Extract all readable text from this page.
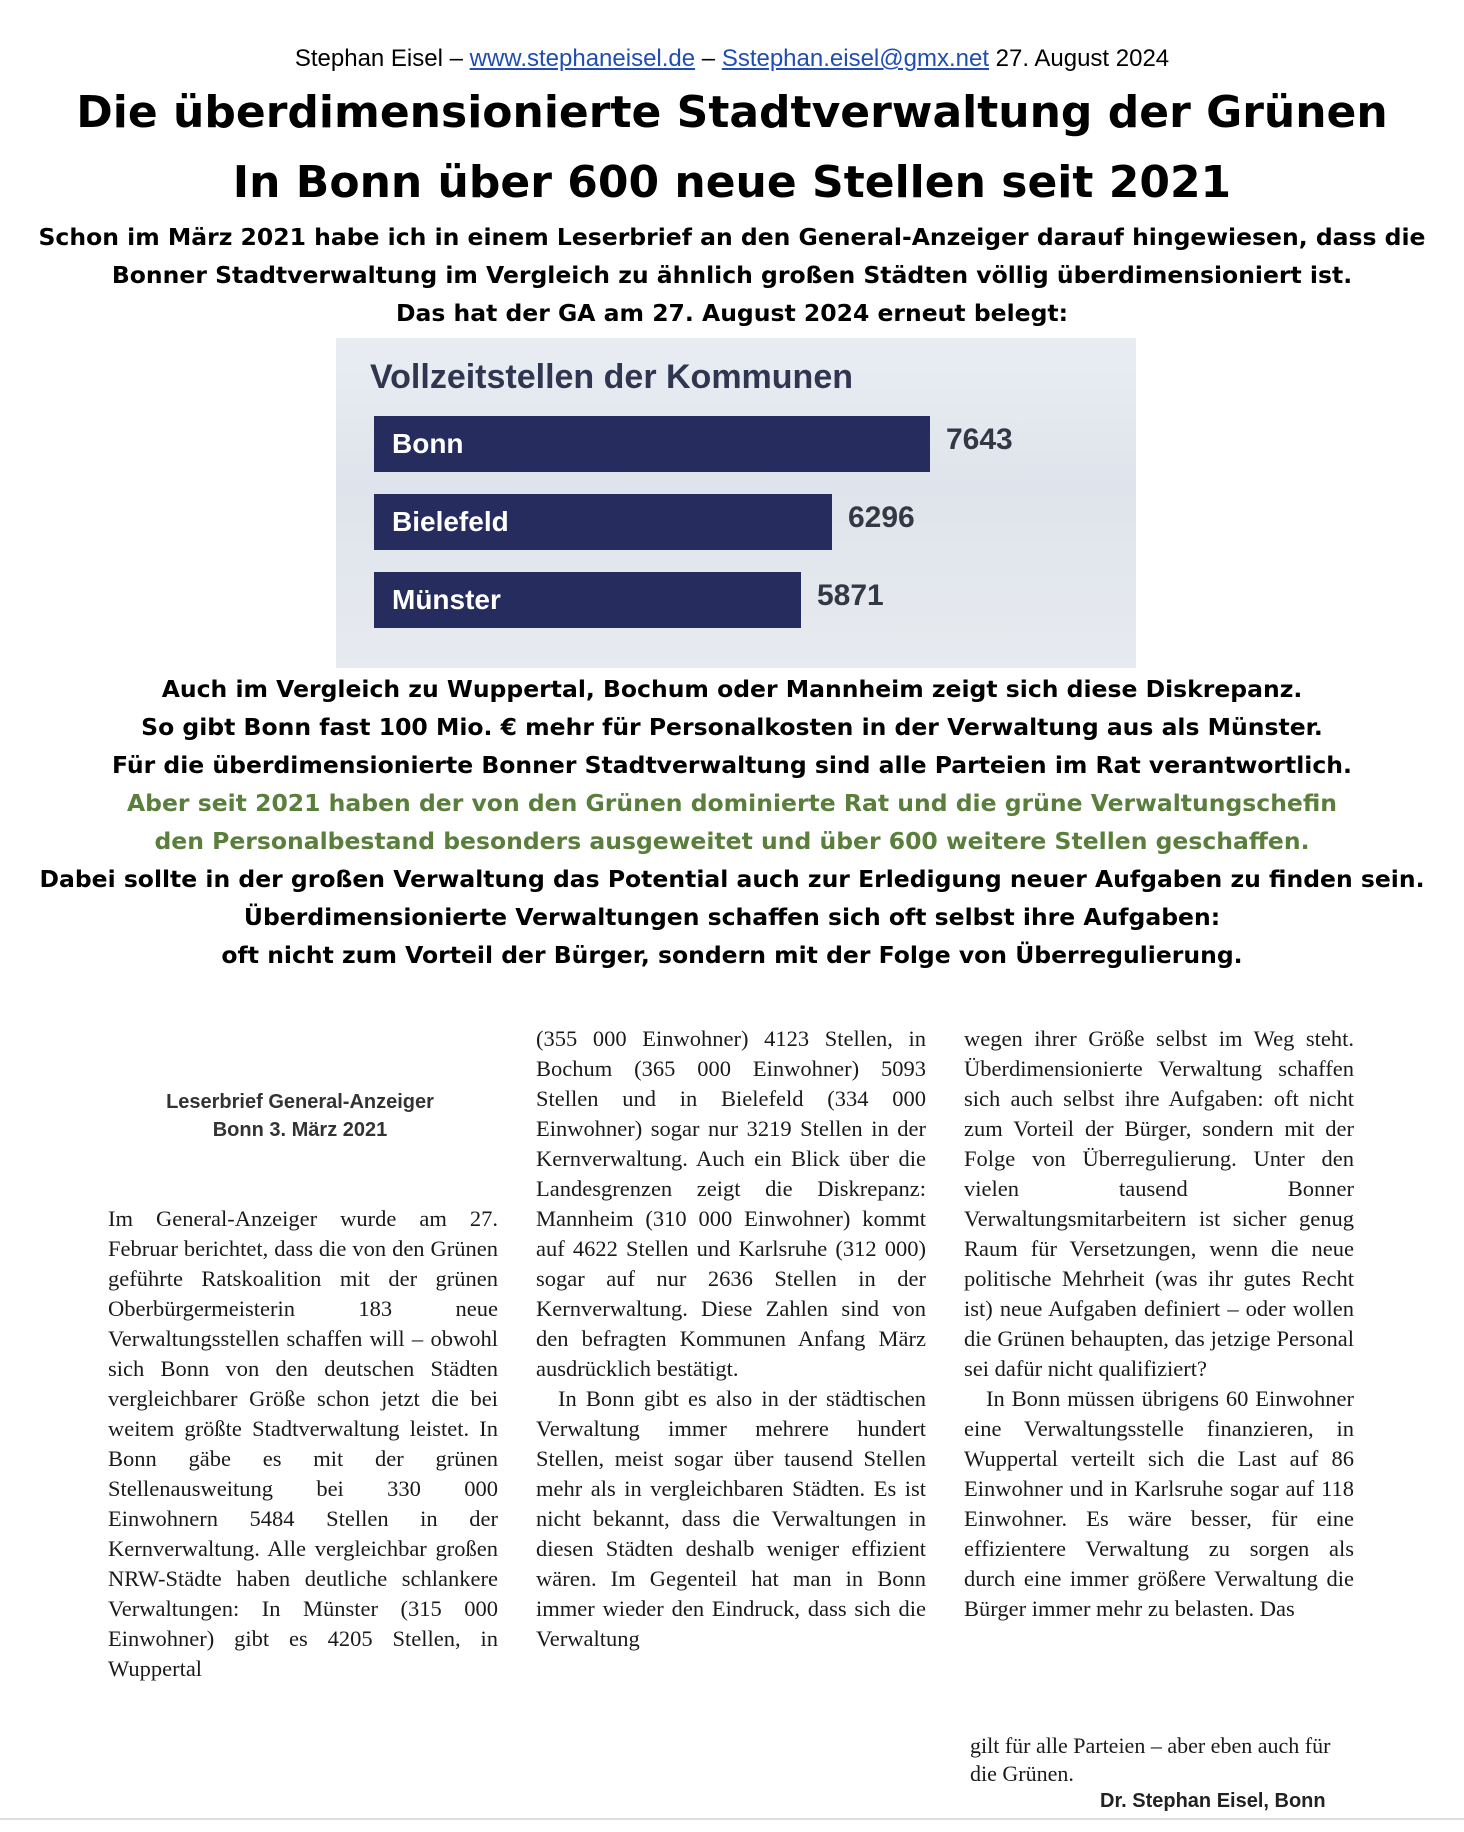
Stephan Eisel – www.stephaneisel.de – Sstephan.eisel@gmx.net 27. August 2024
Die überdimensionierte Stadtverwaltung der Grünen
In Bonn über 600 neue Stellen seit 2021
Schon im März 2021 habe ich in einem Leserbrief an den General-Anzeiger darauf hingewiesen, dass die
Bonner Stadtverwaltung im Vergleich zu ähnlich großen Städten völlig überdimensioniert ist.
Das hat der GA am 27. August 2024 erneut belegt:
Vollzeitstellen der Kommunen
Bonn	7643
Bielefeld	6296
Münster	5871
Auch im Vergleich zu Wuppertal, Bochum oder Mannheim zeigt sich diese Diskrepanz.
So gibt Bonn fast 100 Mio. € mehr für Personalkosten in der Verwaltung aus als Münster.
Für die überdimensionierte Bonner Stadtverwaltung sind alle Parteien im Rat verantwortlich.
Aber seit 2021 haben der von den Grünen dominierte Rat und die grüne Verwaltungschefin
den Personalbestand besonders ausgeweitet und über 600 weitere Stellen geschaffen.
Dabei sollte in der großen Verwaltung das Potential auch zur Erledigung neuer Aufgaben zu finden sein.
Überdimensionierte Verwaltungen schaffen sich oft selbst ihre Aufgaben:
oft nicht zum Vorteil der Bürger, sondern mit der Folge von Überregulierung.
Leserbrief General-Anzeiger
Bonn 3. März 2021

Im General-Anzeiger wurde am 27. Februar berichtet, dass die von den Grünen geführte Ratskoalition mit der grünen Oberbürgermeisterin 183 neue Verwaltungsstellen schaffen will – obwohl sich Bonn von den deutschen Städten vergleichbarer Größe schon jetzt die bei weitem größte Stadtverwaltung leistet. In Bonn gäbe es mit der grünen Stellenausweitung bei 330 000 Einwohnern 5484 Stellen in der Kernverwaltung. Alle vergleichbar großen NRW-Städte haben deutliche schlankere Verwaltungen: In Münster (315 000 Einwohner) gibt es 4205 Stellen, in Wuppertal

(355 000 Einwohner) 4123 Stellen, in Bochum (365 000 Einwohner) 5093 Stellen und in Bielefeld (334 000 Einwohner) sogar nur 3219 Stellen in der Kernverwaltung. Auch ein Blick über die Landesgrenzen zeigt die Diskrepanz: Mannheim (310 000 Einwohner) kommt auf 4622 Stellen und Karlsruhe (312 000) sogar auf nur 2636 Stellen in der Kernverwaltung. Diese Zahlen sind von den befragten Kommunen Anfang März ausdrücklich bestätigt.

In Bonn gibt es also in der städtischen Verwaltung immer mehrere hundert Stellen, meist sogar über tausend Stellen mehr als in vergleichbaren Städten. Es ist nicht bekannt, dass die Verwaltungen in diesen Städten deshalb weniger effizient wären. Im Gegenteil hat man in Bonn immer wieder den Eindruck, dass sich die Verwaltung

wegen ihrer Größe selbst im Weg steht. Überdimensionierte Verwaltung schaffen sich auch selbst ihre Aufgaben: oft nicht zum Vorteil der Bürger, sondern mit der Folge von Überregulierung. Unter den vielen tausend Bonner Verwaltungsmitarbeitern ist sicher genug Raum für Versetzungen, wenn die neue politische Mehrheit (was ihr gutes Recht ist) neue Aufgaben definiert – oder wollen die Grünen behaupten, das jetzige Personal sei dafür nicht qualifiziert?

In Bonn müssen übrigens 60 Einwohner eine Verwaltungsstelle finanzieren, in Wuppertal verteilt sich die Last auf 86 Einwohner und in Karlsruhe sogar auf 118 Einwohner. Es wäre besser, für eine effizientere Verwaltung zu sorgen als durch eine immer größere Verwaltung die Bürger immer mehr zu belasten. Das

gilt für alle Parteien – aber eben auch für die Grünen.
Dr. Stephan Eisel, Bonn
